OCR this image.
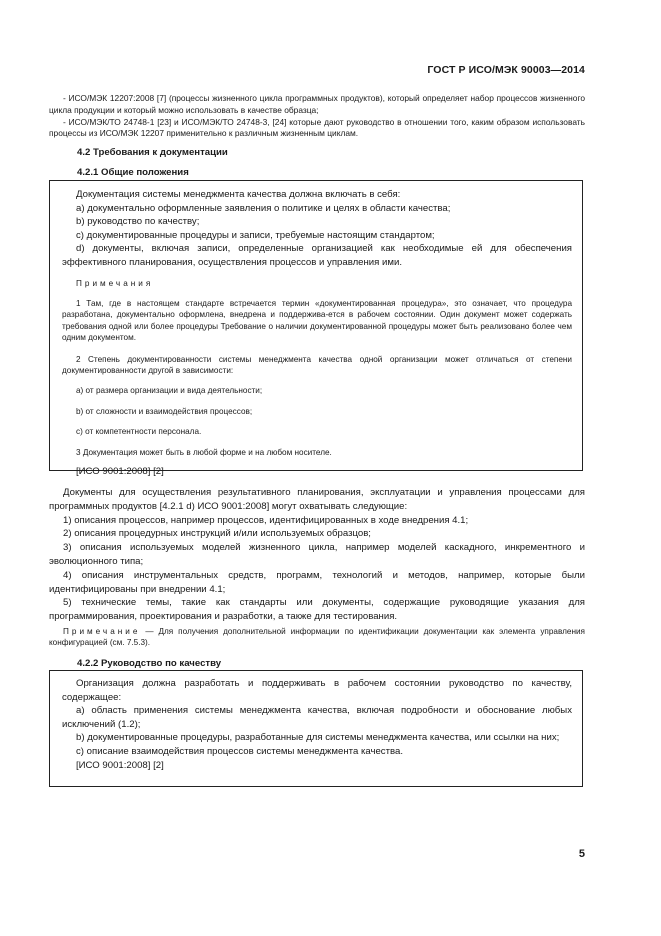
ГОСТ Р ИСО/МЭК 90003—2014

- ИСО/МЭК 12207:2008 [7] (процессы жизненного цикла программных продуктов), который определяет набор процессов жизненного цикла продукции и который можно использовать в качестве образца;

- ИСО/МЭК/ТО 24748-1 [23] и ИСО/МЭК/ТО 24748-3, [24] которые дают руководство в отношении того, каким образом использовать процессы из ИСО/МЭК 12207 применительно к различным жизненным циклам.

4.2 Требования к документации
4.2.1 Общие положения
Документация системы менеджмента качества должна включать в себя:
а) документально оформленные заявления о политике и целях в области качества;
b) руководство по качеству;
c) документированные процедуры и записи, требуемые настоящим стандартом;
d) документы, включая записи, определенные организацией как необходимые ей для обеспечения эффективного планирования, осуществления процессов и управления ими.
Примечания
1 Там, где в настоящем стандарте встречается термин «документированная процедура», это означает, что процедура разработана, документально оформлена, внедрена и поддержива-ется в рабочем состоянии. Один документ может содержать требования одной или более процедуры Требование о наличии документированной процедуры может быть реализовано более чем одним документом.
2 Степень документированности системы менеджмента качества одной организации может отличаться от степени документированности другой в зависимости:
а) от размера организации и вида деятельности;
b) от сложности и взаимодействия процессов;
c) от компетентности персонала.
3 Документация может быть в любой форме и на любом носителе.
[ИСО 9001:2008] [2]
Документы для осуществления результативного планирования, эксплуатации и управления процессами для программных продуктов [4.2.1 d) ИСО 9001:2008] могут охватывать следующие:
1) описания процессов, например процессов, идентифицированных в ходе внедрения 4.1;
2) описания процедурных инструкций и/или используемых образцов;
3) описания используемых моделей жизненного цикла, например моделей каскадного, инкрементного и эволюционного типа;
4) описания инструментальных средств, программ, технологий и методов, например, которые были идентифицированы при внедрении 4.1;
5) технические темы, такие как стандарты или документы, содержащие руководящие указания для программирования, проектирования и разработки, а также для тестирования.

Примечание — Для получения дополнительной информации по идентификации документации как элемента управления конфигурацией (см. 7.5.3).

4.2.2 Руководство по качеству
Организация должна разработать и поддерживать в рабочем состоянии руководство по качеству, содержащее:
а) область применения системы менеджмента качества, включая подробности и обоснование любых исключений (1.2);
b) документированные процедуры, разработанные для системы менеджмента качества, или ссылки на них;
c) описание взаимодействия процессов системы менеджмента качества.
[ИСО 9001:2008] [2]
5
